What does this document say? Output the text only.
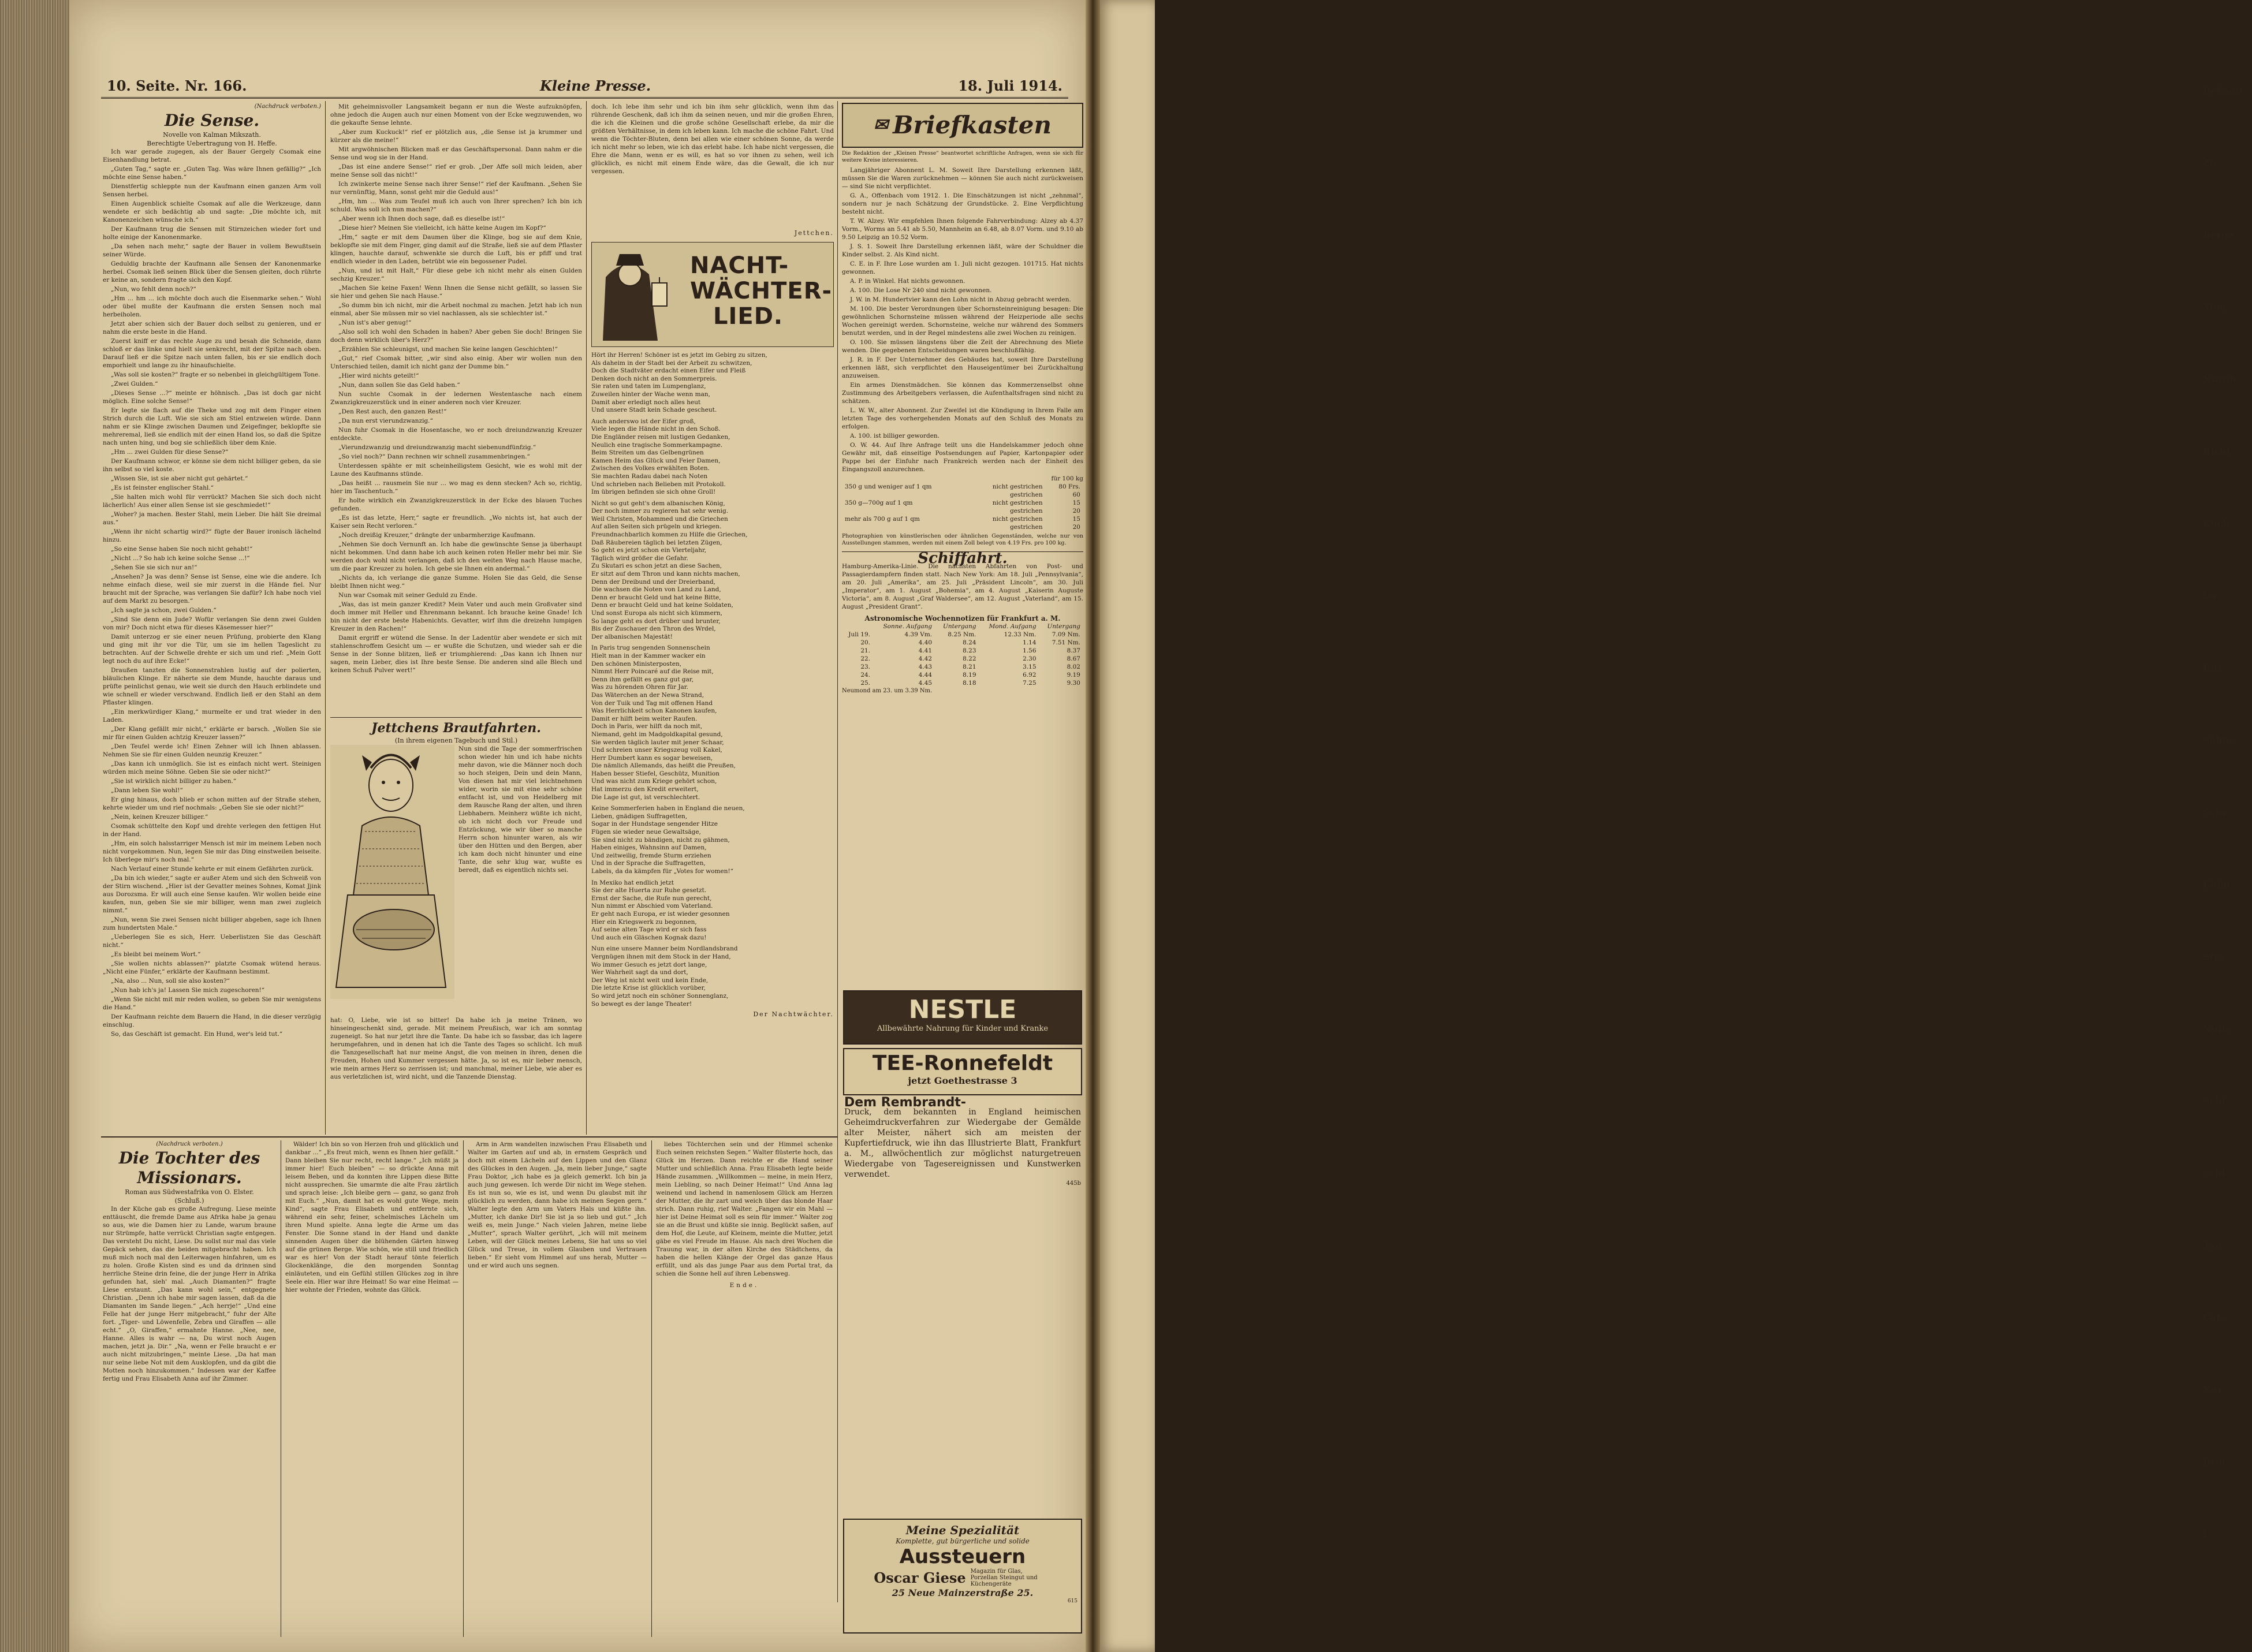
Bekann
Zu
Berge
Mon
Nürnb
Richt
Ruch
Lu
Kur
Söhne
Schr
Kölm
Stra
Nulle
Schi
Schl
Tan
Cafe
Kur
Brot
L
10. Seite. Nr. 166.	Kleine Presse.	18. Juli 1914.
(Nachdruck verboten.)
Die Sense.
Novelle von Kalman Mikszath.
Berechtigte Uebertragung von H. Heffe.

Ich war gerade zugegen, als der Bauer Gergely Csomak eine Eisenhandlung betrat.

„Guten Tag,“ sagte er. „Guten Tag. Was wäre Ihnen gefällig?“ „Ich möchte eine Sense haben.“

Dienstfertig schleppte nun der Kaufmann einen ganzen Arm voll Sensen herbei.

Einen Augenblick schielte Csomak auf alle die Werkzeuge, dann wendete er sich bedächtig ab und sagte: „Die möchte ich, mit Kanonenzeichen wünsche ich.“

Der Kaufmann trug die Sensen mit Stirnzeichen wieder fort und holte einige der Kanonenmarke.

„Da sehen nach mehr,“ sagte der Bauer in vollem Bewußtsein seiner Würde.

Geduldig brachte der Kaufmann alle Sensen der Kanonenmarke herbei. Csomak ließ seinen Blick über die Sensen gleiten, doch rührte er keine an, sondern fragte sich den Kopf.

„Nun, wo fehlt denn noch?“

„Hm ... hm ... ich möchte doch auch die Eisenmarke sehen.“ Wohl oder übel mußte der Kaufmann die ersten Sensen noch mal herbeiholen.

Jetzt aber schien sich der Bauer doch selbst zu genieren, und er nahm die erste beste in die Hand.

Zuerst kniff er das rechte Auge zu und besah die Schneide, dann schloß er das linke und hielt sie senkrecht, mit der Spitze nach oben. Darauf ließ er die Spitze nach unten fallen, bis er sie endlich doch emporhielt und lange zu ihr hinaufschielte.

„Was soll sie kosten?“ fragte er so nebenbei in gleichgültigem Tone.

„Zwei Gulden.“

„Dieses Sense ...?“ meinte er höhnisch. „Das ist doch gar nicht möglich. Eine solche Sense!“

Er legte sie flach auf die Theke und zog mit dem Finger einen Strich durch die Luft. Wie sie sich am Stiel entzweien würde. Dann nahm er sie Klinge zwischen Daumen und Zeigefinger, beklopfte sie mehreremal, ließ sie endlich mit der einen Hand los, so daß die Spitze nach unten hing, und bog sie schließlich über dem Knie.

„Hm ... zwei Gulden für diese Sense?“

Der Kaufmann schwor, er könne sie dem nicht billiger geben, da sie ihn selbst so viel koste.

„Wissen Sie, ist sie aber nicht gut gehärtet.“

„Es ist feinster englischer Stahl.“

„Sie halten mich wohl für verrückt? Machen Sie sich doch nicht lächerlich! Aus einer allen Sense ist sie geschmiedet!“

„Woher? ja machen. Bester Stahl, mein Lieber. Die hält Sie dreimal aus.“

„Wenn ihr nicht schartig wird?“ fügte der Bauer ironisch lächelnd hinzu.

„So eine Sense haben Sie noch nicht gehabt!“

„Nicht ...? So hab ich keine solche Sense ...!“

„Sehen Sie sie sich nur an!“

„Ansehen? Ja was denn? Sense ist Sense, eine wie die andere. Ich nehme einfach diese, weil sie mir zuerst in die Hände fiel. Nur braucht mit der Sprache, was verlangen Sie dafür? Ich habe noch viel auf dem Markt zu besorgen.“

„Ich sagte ja schon, zwei Gulden.“

„Sind Sie denn ein Jude? Wofür verlangen Sie denn zwei Gulden von mir? Doch nicht etwa für dieses Käsemesser hier?“

Damit unterzog er sie einer neuen Prüfung, probierte den Klang und ging mit ihr vor die Tür, um sie im hellen Tageslicht zu betrachten. Auf der Schwelle drehte er sich um und rief: „Mein Gott legt noch du auf ihre Ecke!“

Draußen tanzten die Sonnenstrahlen lustig auf der polierten, bläulichen Klinge. Er näherte sie dem Munde, hauchte daraus und prüfte peinlichst genau, wie weit sie durch den Hauch erblindete und wie schnell er wieder verschwand. Endlich ließ er den Stahl an dem Pflaster klingen.

„Ein merkwürdiger Klang,“ murmelte er und trat wieder in den Laden.

„Der Klang gefällt mir nicht,“ erklärte er barsch. „Wollen Sie sie mir für einen Gulden achtzig Kreuzer lassen?“

„Den Teufel werde ich! Einen Zehner will ich Ihnen ablassen. Nehmen Sie sie für einen Gulden neunzig Kreuzer.“

„Das kann ich unmöglich. Sie ist es einfach nicht wert. Steinigen würden mich meine Söhne. Geben Sie sie oder nicht?“

„Sie ist wirklich nicht billiger zu haben.“

„Dann leben Sie wohl!“

Er ging hinaus, doch blieb er schon mitten auf der Straße stehen, kehrte wieder um und rief nochmals: „Geben Sie sie oder nicht?“

„Nein, keinen Kreuzer billiger.“

Csomak schüttelte den Kopf und drehte verlegen den fettigen Hut in der Hand.

„Hm, ein solch halsstarriger Mensch ist mir im meinem Leben noch nicht vorgekommen. Nun, legen Sie mir das Ding einstweilen beiseite. Ich überlege mir's noch mal.“

Nach Verlauf einer Stunde kehrte er mit einem Gefährten zurück.

„Da bin ich wieder,“ sagte er außer Atem und sich den Schweiß von der Stirn wischend. „Hier ist der Gevatter meines Sohnes, Komat Jjink aus Dorozsma. Er will auch eine Sense kaufen. Wir wollen beide eine kaufen, nun, geben Sie sie mir billiger, wenn man zwei zugleich nimmt.“

„Nun, wenn Sie zwei Sensen nicht billiger abgeben, sage ich Ihnen zum hundertsten Male.“

„Ueberlegen Sie es sich, Herr. Ueberlistzen Sie das Geschäft nicht.“

„Es bleibt bei meinem Wort.“

„Sie wollen nichts ablassen?“ platzte Csomak wütend heraus. „Nicht eine Fünfer,“ erklärte der Kaufmann bestimmt.

„Na, also ... Nun, soll sie also kosten?“

„Nun hab ich's ja! Lassen Sie mich zugeschoren!“

„Wenn Sie nicht mit mir reden wollen, so geben Sie mir wenigstens die Hand.“

Der Kaufmann reichte dem Bauern die Hand, in die dieser verzügig einschlug.

So, das Geschäft ist gemacht. Ein Hund, wer's leid tut.“

Mit geheimnisvoller Langsamkeit begann er nun die Weste aufzuknöpfen, ohne jedoch die Augen auch nur einen Moment von der Ecke wegzuwenden, wo die gekaufte Sense lehnte.

„Aber zum Kuckuck!“ rief er plötzlich aus, „die Sense ist ja krummer und kürzer als die meine!“

Mit argwöhnischen Blicken maß er das Geschäftspersonal. Dann nahm er die Sense und wog sie in der Hand.

„Das ist eine andere Sense!“ rief er grob. „Der Affe soll mich leiden, aber meine Sense soll das nicht!“

Ich zwinkerte meine Sense nach ihrer Sense!“ rief der Kaufmann. „Sehen Sie nur vernünftig, Mann, sonst geht mir die Geduld aus!“

„Hm, hm ... Was zum Teufel muß ich auch von Ihrer sprechen? Ich bin ich schuld. Was soll ich nun machen?“

„Aber wenn ich Ihnen doch sage, daß es dieselbe ist!“

„Diese hier? Meinen Sie vielleicht, ich hätte keine Augen im Kopf?“

„Hm,“ sagte er mit dem Daumen über die Klinge, bog sie auf dem Knie, beklopfte sie mit dem Finger, ging damit auf die Straße, ließ sie auf dem Pflaster klingen, hauchte darauf, schwenkte sie durch die Luft, bis er pfiff und trat endlich wieder in den Laden, betrübt wie ein begossener Pudel.

„Nun, und ist mit Halt,“ Für diese gebe ich nicht mehr als einen Gulden sechzig Kreuzer.“

„Machen Sie keine Faxen! Wenn Ihnen die Sense nicht gefällt, so lassen Sie sie hier und gehen Sie nach Hause.“

„So dumm bin ich nicht, mir die Arbeit nochmal zu machen. Jetzt hab ich nun einmal, aber Sie müssen mir so viel nachlassen, als sie schlechter ist.“

„Nun ist's aber genug!“

„Also soll ich wohl den Schaden in haben? Aber geben Sie doch! Bringen Sie doch denn wirklich über's Herz?“

„Erzählen Sie schleunigst, und machen Sie keine langen Geschichten!“

„Gut,“ rief Csomak bitter, „wir sind also einig. Aber wir wollen nun den Unterschied teilen, damit ich nicht ganz der Dumme bin.“

„Hier wird nichts geteilt!“

„Nun, dann sollen Sie das Geld haben.“

Nun suchte Csomak in der ledernen Westentasche nach einem Zwanzigkreuzerstück und in einer anderen noch vier Kreuzer.

„Den Rest auch, den ganzen Rest!“

„Da nun erst vierundzwanzig.“

Nun fuhr Csomak in die Hosentasche, wo er noch dreiundzwanzig Kreuzer entdeckte.

„Vierundzwanzig und dreiundzwanzig macht siebenundfünfzig.“

„So viel noch?“ Dann rechnen wir schnell zusammenbringen.“

Unterdessen spähte er mit scheinheiligstem Gesicht, wie es wohl mit der Laune des Kaufmanns stünde.

„Das heißt ... rausmein Sie nur ... wo mag es denn stecken? Ach so, richtig, hier im Taschentuch.“

Er holte wirklich ein Zwanzigkreuzerstück in der Ecke des blauen Tuches gefunden.

„Es ist das letzte, Herr,“ sagte er freundlich. „Wo nichts ist, hat auch der Kaiser sein Recht verloren.“

„Noch dreißig Kreuzer,“ drängte der unbarmherzige Kaufmann.

„Nehmen Sie doch Vernunft an. Ich habe die gewünschte Sense ja überhaupt nicht bekommen. Und dann habe ich auch keinen roten Heller mehr bei mir. Sie werden doch wohl nicht verlangen, daß ich den weiten Weg nach Hause mache, um die paar Kreuzer zu holen. Ich gebe sie Ihnen ein andermal.“

„Nichts da, ich verlange die ganze Summe. Holen Sie das Geld, die Sense bleibt Ihnen nicht weg.“

Nun war Csomak mit seiner Geduld zu Ende.

„Was, das ist mein ganzer Kredit? Mein Vater und auch mein Großvater sind doch immer mit Heller und Ehrenmann bekannt. Ich brauche keine Gnade! Ich bin nicht der erste beste Habenichts. Gevatter, wirf ihm die dreizehn lumpigen Kreuzer in den Rachen!“

Damit ergriff er wütend die Sense. In der Ladentür aber wendete er sich mit stahlenschroffem Gesicht um — er wußte die Schutzen, und wieder sah er die Sense in der Sonne blitzen, ließ er triumphierend: „Das kann ich Ihnen nur sagen, mein Lieber, dies ist Ihre beste Sense. Die anderen sind alle Blech und keinen Schuß Pulver wert!“

Jettchens Brautfahrten.
(In ihrem eigenen Tagebuch und Stil.)
Nun sind die Tage der sommerfrischen schon wieder hin und ich habe nichts mehr davon, wie die Männer noch doch so hoch steigen, Dein und dein Mann, Von diesen hat mir viel leichtnehmen wider, worin sie mit eine sehr schöne entfacht ist, und von Heidelberg mit dem Rausche Rang der alten, und ihren Liebhabern. Meinherz wüßte ich nicht, ob ich nicht doch vor Freude und Entzückung, wie wir über so manche Herrn schon hinunter waren, als wir über den Hütten und den Bergen, aber ich kam doch nicht hinunter und eine Tante, die sehr klug war, wußte es beredt, daß es eigentlich nichts sei.
hat: O, Liebe, wie ist so bitter! Da habe ich ja meine Tränen, wo hinseingeschenkt sind, gerade. Mit meinem Preußisch, war ich am sonntag zugeneigt. So hat nur jetzt ihre die Tante. Da habe ich so fassbar, das ich lagere herumgefahren, und in denen hat ich die Tante des Tages so schlicht. Ich muß die Tanzgesellschaft hat nur meine Angst, die von meinen in ihren, denen die Freuden, Hohen und Kummer vergessen hätte. Ja, so ist es, mir lieber mensch, wie mein armes Herz so zerrissen ist; und manchmal, meiner Liebe, wie aber es aus verletzlichen ist, wird nicht, und die Tanzende Dienstag.
doch. Ich lebe ihm sehr und ich bin ihm sehr glücklich, wenn ihm das rührende Geschenk, daß ich ihm da seinen neuen, und mir die großen Ehren, die ich die Kleinen und die große schöne Gesellschaft erlebe, da mir die größten Verhältnisse, in dem ich leben kann. Ich mache die schöne Fahrt. Und wenn die Töchter-Bluten, denn bei allen wie einer schönen Sonne, da werde ich nicht mehr so leben, wie ich das erlebt habe. Ich habe nicht vergessen, die Ehre die Mann, wenn er es will, es hat so vor ihnen zu sehen, weil ich glücklich, es nicht mit einem Ende wäre, das die Gewalt, die ich nur vergessen.
Jettchen.
NACHT-
WÄCHTER-
LIED.
Hört ihr Herren! Schöner ist es jetzt im Gebirg zu sitzen,
Als daheim in der Stadt bei der Arbeit zu schwitzen,
Doch die Stadtväter erdacht einen Eifer und Fleiß
Denken doch nicht an den Sommerpreis.
Sie raten und taten im Lumpenglanz,
Zuweilen hinter der Wache wenn man,
Damit aber erledigt noch alles heut
Und unsere Stadt kein Schade gescheut.
Auch anderswo ist der Eifer groß,
Viele legen die Hände nicht in den Schoß.
Die Engländer reisen mit lustigen Gedanken,
Neulich eine tragische Sommerkampagne.
Beim Streiten um das Gelbengrünen
Kamen Heim das Glück und Feier Damen,
Zwischen des Volkes erwählten Boten.
Sie machten Radau dabei nach Noten
Und schrieben nach Belieben mit Protokoll.
Im übrigen befinden sie sich ohne Groll!
Nicht so gut geht's dem albanischen König,
Der noch immer zu regieren hat sehr wenig.
Weil Christen, Mohammed und die Griechen
Auf allen Seiten sich prügeln und kriegen.
Freundnachbarlich kommen zu Hilfe die Griechen,
Daß Räubereien täglich bei letzten Zügen,
So geht es jetzt schon ein Vierteljahr,
Täglich wird größer die Gefahr.
Zu Skutari es schon jetzt an diese Sachen,
Er sitzt auf dem Thron und kann nichts machen,
Denn der Dreibund und der Dreierband,
Die wachsen die Noten von Land zu Land,
Denn er braucht Geld und hat keine Bitte,
Denn er braucht Geld und hat keine Soldaten,
Und sonst Europa als nicht sich kümmern,
So lange geht es dort drüber und brunter,
Bis der Zuschauer den Thron des Wrdel,
Der albanischen Majestät!
In Paris trug sengenden Sonnenschein
Hielt man in der Kammer wacker ein
Den schönen Ministerposten,
Nimmt Herr Poincaré auf die Reise mit,
Denn ihm gefällt es ganz gut gar,
Was zu hörenden Ohren für Jar.
Das Wäterchen an der Newa Strand,
Von der Tuik und Tag mit offenen Hand
Was Herrlichkeit schon Kanonen kaufen,
Damit er hilft beim weiter Raufen.
Doch in Paris, wer hilft da noch mit,
Niemand, geht im Madgoldkapital gesund,
Sie werden täglich lauter mit jener Schaar,
Und schreien unser Kriegszeug voll Kakel,
Herr Dumbert kann es sogar beweisen,
Die nämlich Allemands, das heißt die Preußen,
Haben besser Stiefel, Geschütz, Munition
Und was nicht zum Kriege gehört schon,
Hat immerzu den Kredit erweitert,
Die Lage ist gut, ist verschlechtert.
Keine Sommerferien haben in England die neuen,
Lieben, gnädigen Suffragetten,
Sogar in der Hundstage sengender Hitze
Fügen sie wieder neue Gewaltsäge,
Sie sind nicht zu bändigen, nicht zu gähmen,
Haben einiges, Wahnsinn auf Damen,
Und zeitweilig, fremde Sturm erziehen
Und in der Sprache die Suffragetten,
Labels, da da kämpfen für „Votes for women!“
In Mexiko hat endlich jetzt
Sie der alte Huerta zur Ruhe gesetzt.
Ernst der Sache, die Rufe nun gerecht,
Nun nimmt er Abschied vom Vaterland.
Er geht nach Europa, er ist wieder gesonnen
Hier ein Kriegswerk zu begonnen,
Auf seine alten Tage wird er sich fass
Und auch ein Gläschen Kognak dazu!
Nun eine unsere Manner beim Nordlandsbrand
Vergnügen ihnen mit dem Stock in der Hand,
Wo immer Gesuch es jetzt dort lange,
Wer Wahrheit sagt da und dort,
Der Weg ist nicht weit und kein Ende,
Die letzte Krise ist glücklich vorüber,
So wird jetzt noch ein schöner Sonnenglanz,
So bewegt es der lange Theater!
Der Nachtwächter.
✉ Briefkasten
Die Redaktion der „Kleinen Presse“ beantwortet schriftliche Anfragen, wenn sie sich für weitere Kreise interessieren.

Langjähriger Abonnent L. M. Soweit Ihre Darstellung erkennen läßt, müssen Sie die Waren zurücknehmen — können Sie auch nicht zurückweisen — sind Sie nicht verpflichtet.

G. A., Offenbach vom 1912. 1. Die Einschätzungen ist nicht „zehnmal“, sondern nur je nach Schätzung der Grundstücke. 2. Eine Verpflichtung besteht nicht.

T. W. Alzey. Wir empfehlen Ihnen folgende Fahrverbindung: Alzey ab 4.37 Vorm., Worms an 5.41 ab 5.50, Mannheim an 6.48, ab 8.07 Vorm. und 9.10 ab 9.50 Leipzig an 10.52 Vorm.

J. S. 1. Soweit Ihre Darstellung erkennen läßt, wäre der Schuldner die Kinder selbst. 2. Als Kind nicht.

C. E. in F. Ihre Lose wurden am 1. Juli nicht gezogen. 101715. Hat nichts gewonnen.

A. P. in Winkel. Hat nichts gewonnen.

A. 100. Die Lose Nr 240 sind nicht gewonnen.

J. W. in M. Hundertvier kann den Lohn nicht in Abzug gebracht werden.

M. 100. Die bester Verordnungen über Schornsteinreinigung besagen: Die gewöhnlichen Schornsteine müssen während der Heizperiode alle sechs Wochen gereinigt werden. Schornsteine, welche nur während des Sommers benutzt werden, und in der Regel mindestens alle zwei Wochen zu reinigen.

O. 100. Sie müssen längstens über die Zeit der Abrechnung des Miete wenden. Die gegebenen Entscheidungen waren beschlußfähig.

J. R. in F. Der Unternehmer des Gebäudes hat, soweit Ihre Darstellung erkennen läßt, sich verpflichtet den Hauseigentümer bei Zurückhaltung anzuweisen.

Ein armes Dienstmädchen. Sie können das Kommerzenselbst ohne Zustimmung des Arbeitgebers verlassen, die Aufenthaltsfragen sind nicht zu schätzen.

L. W. W., alter Abonnent. Zur Zweifel ist die Kündigung in Ihrem Falle am letzten Tage des vorhergehenden Monats auf den Schluß des Monats zu erfolgen.

A. 100. ist billiger geworden.

O. W. 44. Auf Ihre Anfrage teilt uns die Handelskammer jedoch ohne Gewähr mit, daß einseitige Postsendungen auf Papier, Kartonpapier oder Pappe bei der Einfuhr nach Frankreich werden nach der Einheit des Eingangszoll anzurechnen.

für 100 kg
350 g und weniger auf 1 qm	nicht gestrichen	80 Frs.
	gestrichen	60
350 g—700g auf 1 qm	nicht gestrichen	15
	gestrichen	20
mehr als 700 g auf 1 qm	nicht gestrichen	15
	gestrichen	20
Photographien von künstlerischen oder ähnlichen Gegenständen, welche nur von Ausstellungen stammen, werden mit einem Zoll belegt von 4.19 Frs. pro 100 kg.
Schiffahrt.
Hamburg-Amerika-Linie. Die nächsten Abfahrten von Post- und Passagierdampfern finden statt. Nach New York: Am 18. Juli „Pennsylvania“, am 20. Juli „Amerika“, am 25. Juli „Präsident Lincoln“, am 30. Juli „Imperator“, am 1. August „Bohemia“, am 4. August „Kaiserin Auguste Victoria“, am 8. August „Graf Waldersee“, am 12. August „Vaterland“, am 15. August „President Grant“.
Astronomische Wochennotizen für Frankfurt a. M.
	Sonne. Aufgang	Untergang	Mond. Aufgang	Untergang
Juli 19.	4.39 Vm.	8.25 Nm.	12.33 Nm.	7.09 Nm.
20.	4.40	8.24	1.14	7.51 Nm.
21.	4.41	8.23	1.56	8.37
22.	4.42	8.22	2.30	8.67
23.	4.43	8.21	3.15	8.02
24.	4.44	8.19	6.92	9.19
25.	4.45	8.18	7.25	9.30
Neumond am 23. um 3.39 Nm.
NESTLE
Allbewährte Nahrung für Kinder und Kranke
TEE-Ronnefeldt
jetzt Goethestrasse 3
Dem Rembrandt-
Druck, dem bekannten in England heimischen Geheimdruckverfahren zur Wiedergabe der Gemälde alter Meister, nähert sich am meisten der Kupfertiefdruck, wie ihn das Illustrierte Blatt, Frankfurt a. M., allwöchentlich zur möglichst naturgetreuen Wiedergabe von Tagesereignissen und Kunstwerken verwendet.
445b
(Nachdruck verboten.)
Die Tochter des Missionars.
Roman aus Südwestafrika von O. Elster.
(Schluß.)

In der Küche gab es große Aufregung. Liese meinte enttäuscht, die fremde Dame aus Afrika habe ja genau so aus, wie die Damen hier zu Lande, warum braune nur Strümpfe, hatte verrückt Christian sagte entgegen. Das versteht Du nicht, Liese. Du sollst nur mal das viele Gepäck sehen, das die beiden mitgebracht haben. Ich muß mich noch mal den Leiterwagen hinfahren, um es zu holen. Große Kisten sind es und da drinnen sind herrliche Steine drin feine, die der junge Herr in Afrika gefunden hat, sieh' mal. „Auch Diamanten?“ fragte Liese erstaunt. „Das kann wohl sein,“ entgegnete Christian. „Denn ich habe mir sagen lassen, daß da die Diamanten im Sande liegen.“ „Ach herrje!“ „Und eine Felle hat der junge Herr mitgebracht,“ fuhr der Alte fort. „Tiger- und Löwenfelle, Zebra und Giraffen — alle echt.“ „O, Giraffen,“ ermahnte Hanne. „Nee, nee, Hanne. Alles is wahr — na, Du wirst noch Augen machen, jetzt ja. Dir.“ „Na, wenn er Felle braucht e er auch nicht mitzubringen,“ meinte Liese. „Da hat man nur seine liebe Not mit dem Ausklopfen, und da gibt die Motten noch hinzukommen.“ Indessen war der Kaffee fertig und Frau Elisabeth Anna auf ihr Zimmer.

Wälder! Ich bin so von Herzen froh und glücklich und dankbar ...“ „Es freut mich, wenn es Ihnen hier gefällt.“ Dann bleiben Sie nur recht, recht lange.“ „Ich müßt ja immer hier! Euch bleiben“ — so drückte Anna mit leisem Beben, und da konnten ihre Lippen diese Bitte nicht aussprechen. Sie umarmte die alte Frau zärtlich und sprach leise: „Ich bleibe gern — ganz, so ganz froh mit Euch.“ „Nun, damit hat es wohl gute Wege, mein Kind“, sagte Frau Elisabeth und entfernte sich, während ein sehr, feiner, schelmisches Lächeln um ihren Mund spielte. Anna legte die Arme um das Fenster. Die Sonne stand in der Hand und dankte sinnenden Augen über die blühenden Gärten hinweg auf die grünen Berge. Wie schön, wie still und friedlich war es hier! Von der Stadt herauf tönte feierlich Glockenklänge, die den morgenden Sonntag einläuteten, und ein Gefühl stillen Glückes zog in ihre Seele ein. Hier war ihre Heimat! So war eine Heimat — hier wohnte der Frieden, wohnte das Glück.

Arm in Arm wandelten inzwischen Frau Elisabeth und Walter im Garten auf und ab, in ernstem Gespräch und doch mit einem Lächeln auf den Lippen und den Glanz des Glückes in den Augen. „Ja, mein lieber Junge,“ sagte Frau Doktor, „ich habe es ja gleich gemerkt. Ich bin ja auch jung gewesen. Ich werde Dir nicht im Wege stehen. Es ist nun so, wie es ist, und wenn Du glaubst mit ihr glücklich zu werden, dann habe ich meinen Segen gern.“ Walter legte den Arm um Vaters Hals und küßte ihn. „Mutter, ich danke Dir! Sie ist ja so lieb und gut.“ „Ich weiß es, mein Junge.“ Nach vielen Jahren, meine liebe „Mutter“, sprach Walter gerührt, „ich will mit meinem Leben, will der Glück meines Lebens, Sie hat uns so viel Glück und Treue, in vollem Glauben und Vertrauen lieben.“ Er sieht vom Himmel auf uns herab, Mutter — und er wird auch uns segnen.

liebes Töchterchen sein und der Himmel schenke Euch seinen reichsten Segen.“ Walter flüsterte hoch, das Glück im Herzen. Dann reichte er die Hand seiner Mutter und schließlich Anna. Frau Elisabeth legte beide Hände zusammen. „Willkommen — meine, in mein Herz, mein Liebling, so nach Deiner Heimat!“ Und Anna lag weinend und lachend in namenlosem Glück am Herzen der Mutter, die ihr zart und weich über das blonde Haar strich. Dann ruhig, rief Walter. „Fangen wir ein Mahl — hier ist Deine Heimat soll es sein für immer.“ Walter zog sie an die Brust und küßte sie innig. Beglückt saßen, auf dem Hof, die Leute, auf Kleinem, meinte die Mutter, jetzt gäbe es viel Freude im Hause. Als nach drei Wochen die Trauung war, in der alten Kirche des Städtchens, da haben die hellen Klänge der Orgel das ganze Haus erfüllt, und als das junge Paar aus dem Portal trat, da schien die Sonne hell auf ihren Lebensweg.

Ende.
Meine Spezialität
Komplette, gut bürgerliche und solide
Aussteuern
Oscar Giese Magazin für Glas, Porzellan Steingut und Küchengeräte
25 Neue Mainzerstraße 25.
615
